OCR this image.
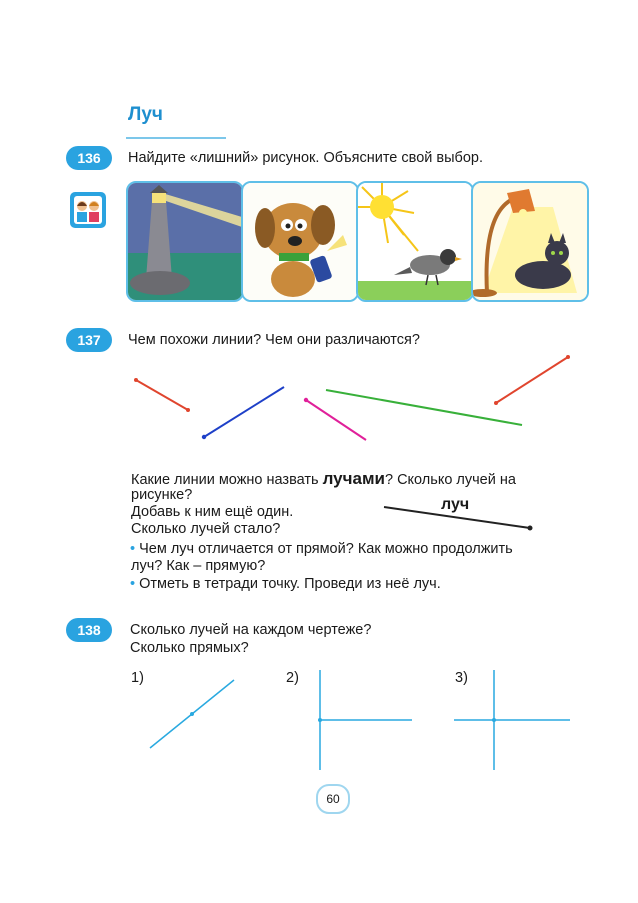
Луч
136	Найдите «лишний» рисунок. Объясните свой выбор.
137	Чем похожи линии? Чем они различаются?
Какие линии можно назвать лучами? Сколько лучей на
рисунке?
Добавь к ним ещё один.
Сколько лучей стало?
луч
• Чем луч отличается от прямой? Как можно продолжить
луч? Как – прямую?
• Отметь в тетради точку. Проведи из неё луч.
138	Сколько лучей на каждом чертеже?
Сколько прямых?
1)	2)	3)
60
